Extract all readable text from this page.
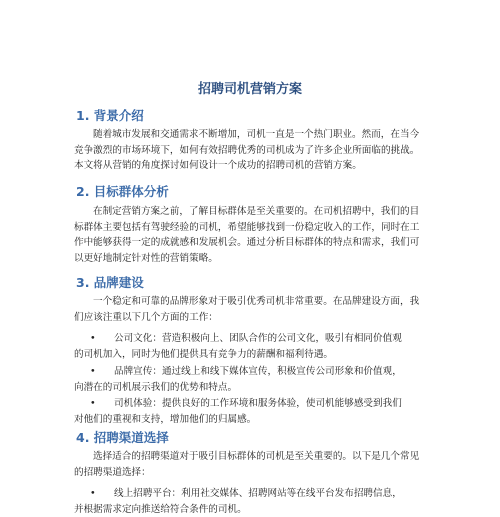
招聘司机营销方案
1. 背景介绍
随着城市发展和交通需求不断增加，司机一直是一个热门职业。然而，在当今
竞争激烈的市场环境下，如何有效招聘优秀的司机成为了许多企业所面临的挑战。
本文将从营销的角度探讨如何设计一个成功的招聘司机的营销方案。
2. 目标群体分析
在制定营销方案之前，了解目标群体是至关重要的。在司机招聘中，我们的目
标群体主要包括有驾驶经验的司机，希望能够找到一份稳定收入的工作，同时在工
作中能够获得一定的成就感和发展机会。通过分析目标群体的特点和需求，我们可
以更好地制定针对性的营销策略。
3. 品牌建设
一个稳定和可靠的品牌形象对于吸引优秀司机非常重要。在品牌建设方面，我
们应该注重以下几个方面的工作：
•	公司文化：营造积极向上、团队合作的公司文化，吸引有相同价值观
的司机加入，同时为他们提供具有竞争力的薪酬和福利待遇。
•	品牌宣传：通过线上和线下媒体宣传，积极宣传公司形象和价值观，
向潜在的司机展示我们的优势和特点。
•	司机体验：提供良好的工作环境和服务体验，使司机能够感受到我们
对他们的重视和支持，增加他们的归属感。
4. 招聘渠道选择
选择适合的招聘渠道对于吸引目标群体的司机是至关重要的。以下是几个常见
的招聘渠道选择：
•	线上招聘平台：利用社交媒体、招聘网站等在线平台发布招聘信息，
并根据需求定向推送给符合条件的司机。
